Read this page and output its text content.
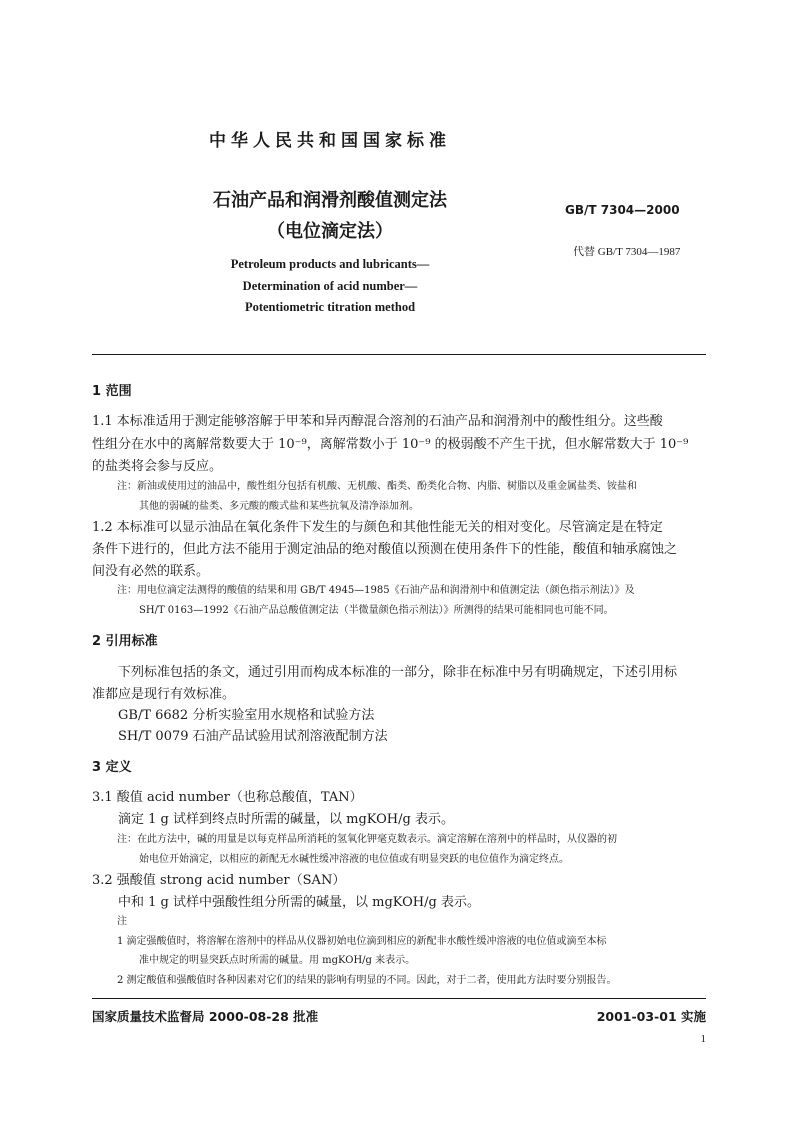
中华人民共和国国家标准
石油产品和润滑剂酸值测定法
（电位滴定法）
GB/T 7304—2000
代替 GB/T 7304—1987
Petroleum products and lubricants—
Determination of acid number—
Potentiometric titration method
1 范围
1.1 本标准适用于测定能够溶解于甲苯和异丙醇混合溶剂的石油产品和润滑剂中的酸性组分。这些酸
性组分在水中的离解常数要大于 10⁻⁹，离解常数小于 10⁻⁹ 的极弱酸不产生干扰，但水解常数大于 10⁻⁹
的盐类将会参与反应。
注：新油或使用过的油品中，酸性组分包括有机酸、无机酸、酯类、酚类化合物、内脂、树脂以及重金属盐类、铵盐和
其他的弱碱的盐类、多元酸的酸式盐和某些抗氧及清净添加剂。
1.2 本标准可以显示油品在氧化条件下发生的与颜色和其他性能无关的相对变化。尽管滴定是在特定
条件下进行的，但此方法不能用于测定油品的绝对酸值以预测在使用条件下的性能，酸值和轴承腐蚀之
间没有必然的联系。
注：用电位滴定法测得的酸值的结果和用 GB/T 4945—1985《石油产品和润滑剂中和值测定法（颜色指示剂法）》及
SH/T 0163—1992《石油产品总酸值测定法（半微量颜色指示剂法）》所测得的结果可能相同也可能不同。
2 引用标准
下列标准包括的条文，通过引用而构成本标准的一部分，除非在标准中另有明确规定，下述引用标
准都应是现行有效标准。
GB/T 6682 分析实验室用水规格和试验方法
SH/T 0079 石油产品试验用试剂溶液配制方法
3 定义
3.1 酸值 acid number（也称总酸值，TAN）
滴定 1 g 试样到终点时所需的碱量，以 mgKOH/g 表示。
注：在此方法中，碱的用量是以每克样品所消耗的氢氧化钾毫克数表示。滴定溶解在溶剂中的样品时，从仪器的初
始电位开始滴定，以相应的新配无水碱性缓冲溶液的电位值或有明显突跃的电位值作为滴定终点。
3.2 强酸值 strong acid number（SAN）
中和 1 g 试样中强酸性组分所需的碱量，以 mgKOH/g 表示。
注
1 滴定强酸值时，将溶解在溶剂中的样品从仪器初始电位滴到相应的新配非水酸性缓冲溶液的电位值或滴至本标
准中规定的明显突跃点时所需的碱量。用 mgKOH/g 来表示。
2 测定酸值和强酸值时各种因素对它们的结果的影响有明显的不同。因此，对于二者，使用此方法时要分别报告。
国家质量技术监督局 2000-08-28 批准	2001-03-01 实施
1
